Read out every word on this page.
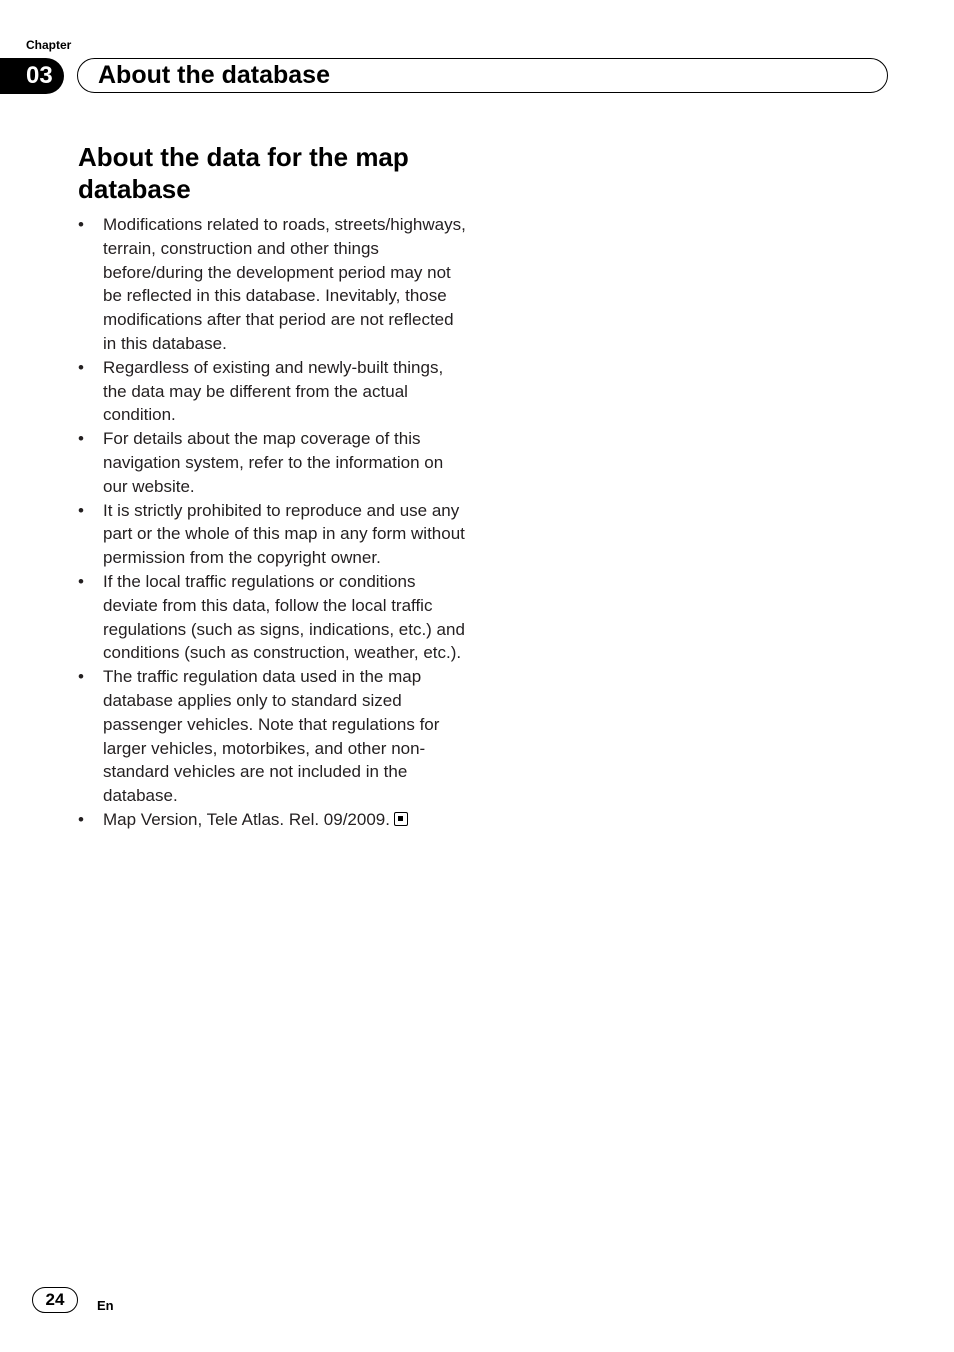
Chapter
03	About the database
About the data for the map database
•	Modifications related to roads, streets/highways, terrain, construction and other things before/during the development period may not be reflected in this database. Inevitably, those modifications after that period are not reflected in this database.
•	Regardless of existing and newly-built things, the data may be different from the actual condition.
•	For details about the map coverage of this navigation system, refer to the information on our website.
•	It is strictly prohibited to reproduce and use any part or the whole of this map in any form without permission from the copyright owner.
•	If the local traffic regulations or conditions deviate from this data, follow the local traffic regulations (such as signs, indications, etc.) and conditions (such as construction, weather, etc.).
•	The traffic regulation data used in the map database applies only to standard sized passenger vehicles. Note that regulations for larger vehicles, motorbikes, and other non-standard vehicles are not included in the database.
•	Map Version, Tele Atlas. Rel. 09/2009.
24	En
